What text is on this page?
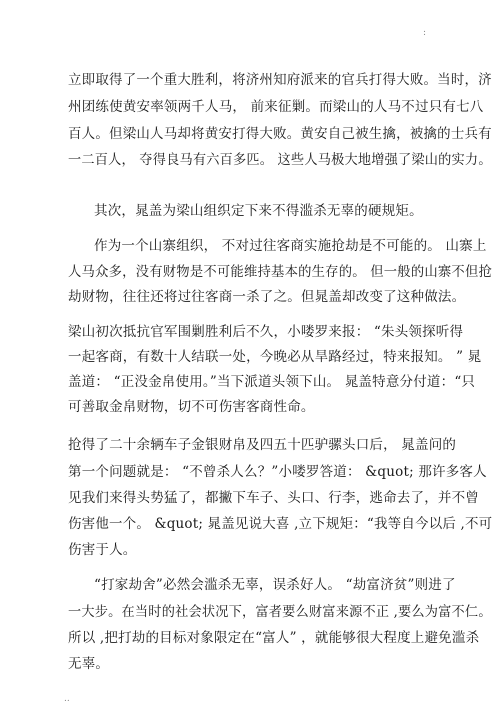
:
立即取得了一个重大胜利，将济州知府派来的官兵打得大败。当时，济
州团练使黄安率领两千人马， 前来征剿。而梁山的人马不过只有七八
百人。但梁山人马却将黄安打得大败。黄安自己被生擒，被擒的士兵有
一二百人， 夺得良马有六百多匹。 这些人马极大地增强了梁山的实力。
其次，晁盖为梁山组织定下来不得滥杀无辜的硬规矩。
作为一个山寨组织， 不对过往客商实施抢劫是不可能的。 山寨上
人马众多，没有财物是不可能维持基本的生存的。 但一般的山寨不但抢
劫财物，往往还将过往客商一杀了之。但晁盖却改变了这种做法。
梁山初次抵抗官军围剿胜利后不久，小喽罗来报： “朱头领探听得
一起客商，有数十人结联一处，今晚必从旱路经过，特来报知。 ” 晁
盖道： “正没金帛使用。”当下派道头领下山。 晁盖特意分付道：“只
可善取金帛财物，切不可伤害客商性命。
抢得了二十余辆车子金银财帛及四五十匹驴骡头口后， 晁盖问的
第一个问题就是： “不曾杀人么？”小喽罗答道： &quot; 那许多客人
见我们来得头势猛了，都撇下车子、头口、行李，逃命去了，并不曾
伤害他一个。 &quot; 晁盖见说大喜 ,立下规矩：“我等自今以后 ,不可
伤害于人。
“打家劫舍”必然会滥杀无辜，误杀好人。 “劫富济贫”则进了
一大步。在当时的社会状况下，富者要么财富来源不正 ,要么为富不仁。
所以 ,把打劫的目标对象限定在“富人” ，就能够很大程度上避免滥杀
无辜。
..
